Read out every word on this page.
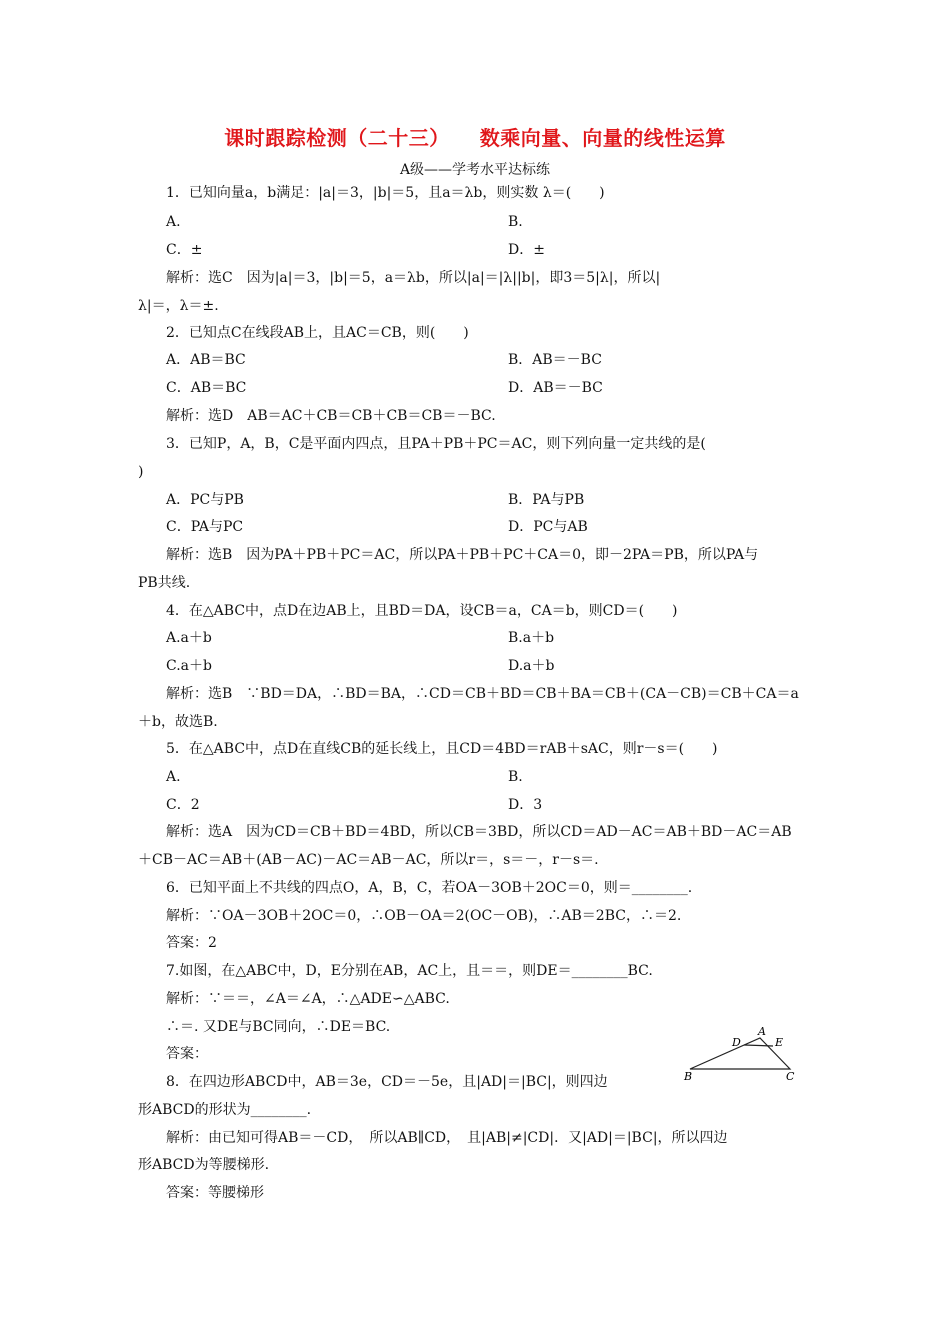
课时跟踪检测（二十三） 数乘向量、向量的线性运算
A级——学考水平达标练
1．已知向量a，b满足：|a|＝3，|b|＝5，且a＝λb，则实数 λ＝(　　)
A.	B.
C．±	D．±
解析：选C　因为|a|＝3，|b|＝5，a＝λb，所以|a|＝|λ||b|，即3＝5|λ|，所以|
λ|＝，λ＝±.
2．已知点C在线段AB上，且AC＝CB，则(　　)
A．AB＝BC	B．AB＝－BC
C．AB＝BC	D．AB＝－BC
解析：选D　AB＝AC＋CB＝CB＋CB＝CB＝－BC.
3．已知P，A，B，C是平面内四点，且PA＋PB＋PC＝AC，则下列向量一定共线的是(
)
A．PC与PB	B．PA与PB
C．PA与PC	D．PC与AB
解析：选B　因为PA＋PB＋PC＝AC，所以PA＋PB＋PC＋CA＝0，即－2PA＝PB，所以PA与
PB共线.
4．在△ABC中，点D在边AB上，且BD＝DA，设CB＝a，CA＝b，则CD＝(　　)
A.a＋b	B.a＋b
C.a＋b	D.a＋b
解析：选B　∵BD＝DA，∴BD＝BA，∴CD＝CB＋BD＝CB＋BA＝CB＋(CA－CB)＝CB＋CA＝a
＋b，故选B.
5．在△ABC中，点D在直线CB的延长线上，且CD＝4BD＝rAB＋sAC，则r－s＝(　　)
A.	B.
C．2	D．3
解析：选A　因为CD＝CB＋BD＝4BD，所以CB＝3BD，所以CD＝AD－AC＝AB＋BD－AC＝AB
＋CB－AC＝AB＋(AB－AC)－AC＝AB－AC，所以r＝，s＝－，r－s＝.
6．已知平面上不共线的四点O，A，B，C，若OA－3OB＋2OC＝0，则＝________.
解析：∵OA－3OB＋2OC＝0，∴OB－OA＝2(OC－OB)，∴AB＝2BC，∴＝2.
答案：2
7.如图，在△ABC中，D，E分别在AB，AC上，且＝＝，则DE＝________BC.
解析：∵＝＝，∠A＝∠A，∴△ADE∽△ABC.
∴＝. 又DE与BC同向，∴DE＝BC.
答案：
A
D	E
B	C
8．在四边形ABCD中，AB＝3e，CD＝－5e，且|AD|＝|BC|，则四边
形ABCD的形状为________.
解析：由已知可得AB＝－CD，　所以AB∥CD，　且|AB|≠|CD|．又|AD|＝|BC|，所以四边
形ABCD为等腰梯形.
答案：等腰梯形
